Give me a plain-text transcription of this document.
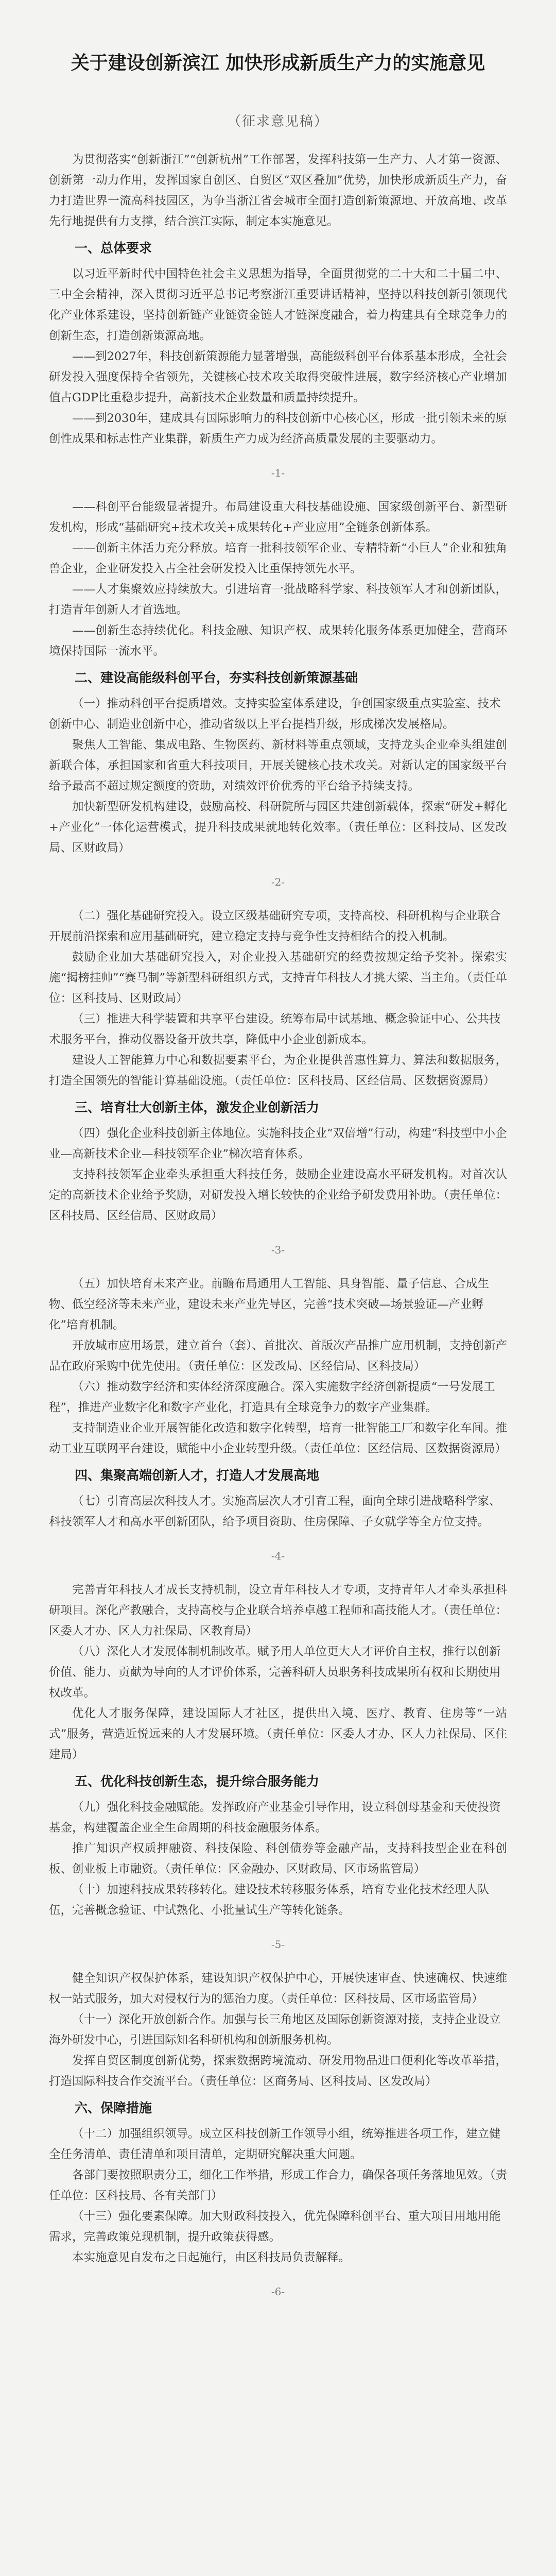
关于建设创新滨江 加快形成新质生产力的实施意见
（征求意见稿）

为贯彻落实“创新浙江”“创新杭州”工作部署，发挥科技第一生产力、人才第一资源、创新第一动力作用，发挥国家自创区、自贸区“双区叠加”优势，加快形成新质生产力，奋力打造世界一流高科技园区，为争当浙江省会城市全面打造创新策源地、开放高地、改革先行地提供有力支撑，结合滨江实际，制定本实施意见。

一、总体要求

以习近平新时代中国特色社会主义思想为指导，全面贯彻党的二十大和二十届二中、三中全会精神，深入贯彻习近平总书记考察浙江重要讲话精神，坚持以科技创新引领现代化产业体系建设，坚持创新链产业链资金链人才链深度融合，着力构建具有全球竞争力的创新生态，打造创新策源高地。

——到2027年，科技创新策源能力显著增强，高能级科创平台体系基本形成，全社会研发投入强度保持全省领先，关键核心技术攻关取得突破性进展，数字经济核心产业增加值占GDP比重稳步提升，高新技术企业数量和质量持续提升。

——到2030年，建成具有国际影响力的科技创新中心核心区，形成一批引领未来的原创性成果和标志性产业集群，新质生产力成为经济高质量发展的主要驱动力。

-1-

——科创平台能级显著提升。布局建设重大科技基础设施、国家级创新平台、新型研发机构，形成“基础研究+技术攻关+成果转化+产业应用”全链条创新体系。

——创新主体活力充分释放。培育一批科技领军企业、专精特新“小巨人”企业和独角兽企业，企业研发投入占全社会研发投入比重保持领先水平。

——人才集聚效应持续放大。引进培育一批战略科学家、科技领军人才和创新团队，打造青年创新人才首选地。

——创新生态持续优化。科技金融、知识产权、成果转化服务体系更加健全，营商环境保持国际一流水平。

二、建设高能级科创平台，夯实科技创新策源基础
（一）推动科创平台提质增效。支持实验室体系建设，争创国家级重点实验室、技术创新中心、制造业创新中心，推动省级以上平台提档升级，形成梯次发展格局。

聚焦人工智能、集成电路、生物医药、新材料等重点领域，支持龙头企业牵头组建创新联合体，承担国家和省重大科技项目，开展关键核心技术攻关。对新认定的国家级平台给予最高不超过规定额度的资助，对绩效评价优秀的平台给予持续支持。

加快新型研发机构建设，鼓励高校、科研院所与园区共建创新载体，探索“研发+孵化+产业化”一体化运营模式，提升科技成果就地转化效率。（责任单位：区科技局、区发改局、区财政局）

-2-
（二）强化基础研究投入。设立区级基础研究专项，支持高校、科研机构与企业联合开展前沿探索和应用基础研究，建立稳定支持与竞争性支持相结合的投入机制。

鼓励企业加大基础研究投入，对企业投入基础研究的经费按规定给予奖补。探索实施“揭榜挂帅”“赛马制”等新型科研组织方式，支持青年科技人才挑大梁、当主角。（责任单位：区科技局、区财政局）

（三）推进大科学装置和共享平台建设。统筹布局中试基地、概念验证中心、公共技术服务平台，推动仪器设备开放共享，降低中小企业创新成本。

建设人工智能算力中心和数据要素平台，为企业提供普惠性算力、算法和数据服务，打造全国领先的智能计算基础设施。（责任单位：区科技局、区经信局、区数据资源局）

三、培育壮大创新主体，激发企业创新活力
（四）强化企业科技创新主体地位。实施科技企业“双倍增”行动，构建“科技型中小企业—高新技术企业—科技领军企业”梯次培育体系。

支持科技领军企业牵头承担重大科技任务，鼓励企业建设高水平研发机构。对首次认定的高新技术企业给予奖励，对研发投入增长较快的企业给予研发费用补助。（责任单位：区科技局、区经信局、区财政局）

-3-
（五）加快培育未来产业。前瞻布局通用人工智能、具身智能、量子信息、合成生物、低空经济等未来产业，建设未来产业先导区，完善“技术突破—场景验证—产业孵化”培育机制。

开放城市应用场景，建立首台（套）、首批次、首版次产品推广应用机制，支持创新产品在政府采购中优先使用。（责任单位：区发改局、区经信局、区科技局）

（六）推动数字经济和实体经济深度融合。深入实施数字经济创新提质“一号发展工程”，推进产业数字化和数字产业化，打造具有全球竞争力的数字产业集群。

支持制造业企业开展智能化改造和数字化转型，培育一批智能工厂和数字化车间。推动工业互联网平台建设，赋能中小企业转型升级。（责任单位：区经信局、区数据资源局）

四、集聚高端创新人才，打造人才发展高地
（七）引育高层次科技人才。实施高层次人才引育工程，面向全球引进战略科学家、科技领军人才和高水平创新团队，给予项目资助、住房保障、子女就学等全方位支持。
-4-

完善青年科技人才成长支持机制，设立青年科技人才专项，支持青年人才牵头承担科研项目。深化产教融合，支持高校与企业联合培养卓越工程师和高技能人才。（责任单位：区委人才办、区人力社保局、区教育局）

（八）深化人才发展体制机制改革。赋予用人单位更大人才评价自主权，推行以创新价值、能力、贡献为导向的人才评价体系，完善科研人员职务科技成果所有权和长期使用权改革。

优化人才服务保障，建设国际人才社区，提供出入境、医疗、教育、住房等“一站式”服务，营造近悦远来的人才发展环境。（责任单位：区委人才办、区人力社保局、区住建局）

五、优化科技创新生态，提升综合服务能力
（九）强化科技金融赋能。发挥政府产业基金引导作用，设立科创母基金和天使投资基金，构建覆盖企业全生命周期的科技金融服务体系。

推广知识产权质押融资、科技保险、科创债券等金融产品，支持科技型企业在科创板、创业板上市融资。（责任单位：区金融办、区财政局、区市场监管局）

（十）加速科技成果转移转化。建设技术转移服务体系，培育专业化技术经理人队伍，完善概念验证、中试熟化、小批量试生产等转化链条。
-5-

健全知识产权保护体系，建设知识产权保护中心，开展快速审查、快速确权、快速维权一站式服务，加大对侵权行为的惩治力度。（责任单位：区科技局、区市场监管局）

（十一）深化开放创新合作。加强与长三角地区及国际创新资源对接，支持企业设立海外研发中心，引进国际知名科研机构和创新服务机构。

发挥自贸区制度创新优势，探索数据跨境流动、研发用物品进口便利化等改革举措，打造国际科技合作交流平台。（责任单位：区商务局、区科技局、区发改局）

六、保障措施
（十二）加强组织领导。成立区科技创新工作领导小组，统筹推进各项工作，建立健全任务清单、责任清单和项目清单，定期研究解决重大问题。

各部门要按照职责分工，细化工作举措，形成工作合力，确保各项任务落地见效。（责任单位：区科技局、各有关部门）

（十三）强化要素保障。加大财政科技投入，优先保障科创平台、重大项目用地用能需求，完善政策兑现机制，提升政策获得感。

本实施意见自发布之日起施行，由区科技局负责解释。

-6-
